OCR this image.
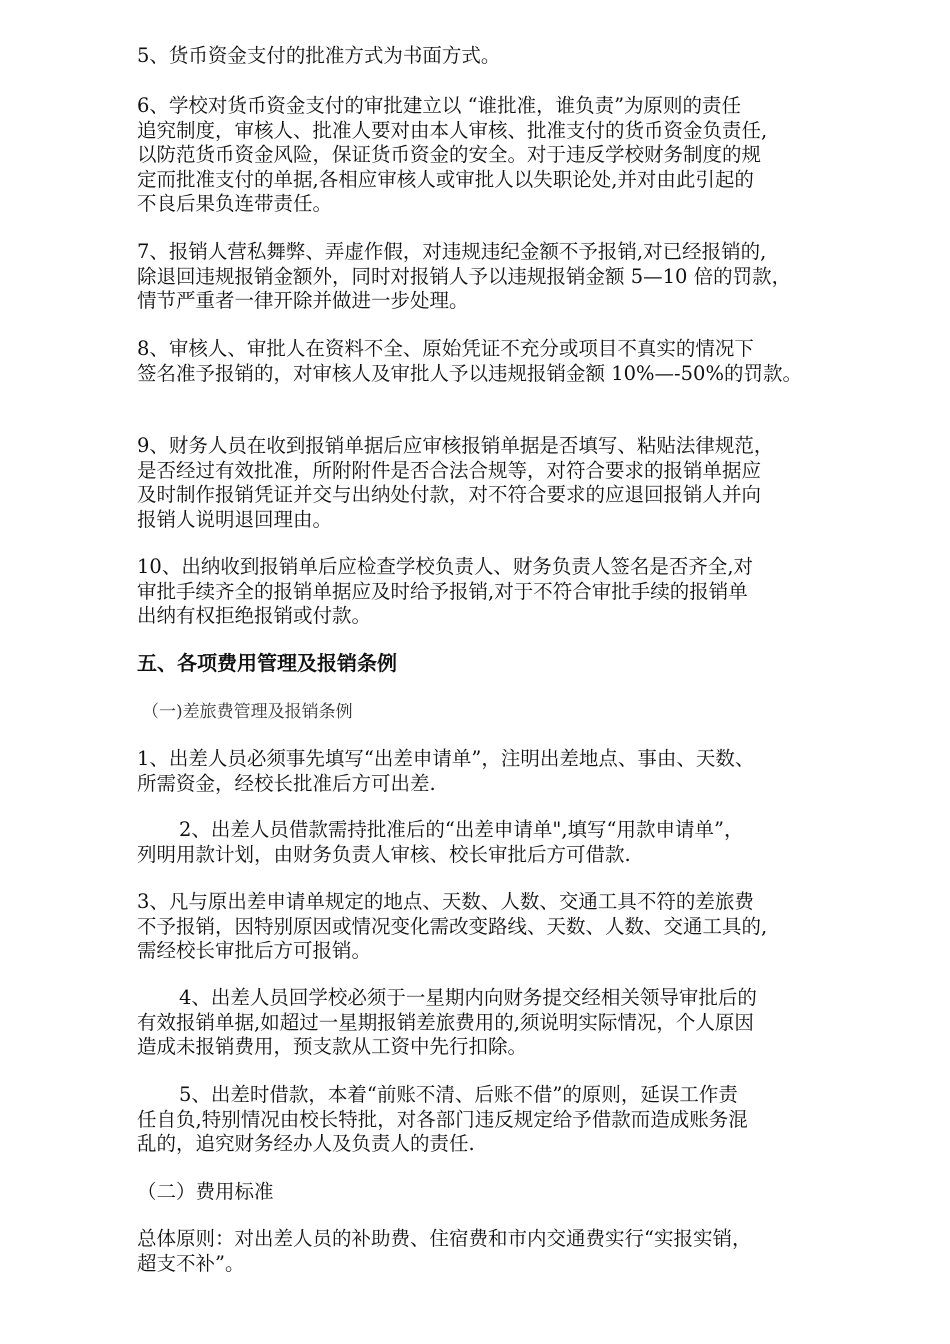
5、货币资金支付的批准方式为书面方式。
6、学校对货币资金支付的审批建立以 “谁批准，谁负责”为原则的责任
追究制度，审核人、批准人要对由本人审核、批准支付的货币资金负责任,
以防范货币资金风险，保证货币资金的安全。对于违反学校财务制度的规
定而批准支付的单据,各相应审核人或审批人以失职论处,并对由此引起的
不良后果负连带责任。
7、报销人营私舞弊、弄虚作假，对违规违纪金额不予报销,对已经报销的,
除退回违规报销金额外，同时对报销人予以违规报销金额 5—10 倍的罚款，
情节严重者一律开除并做进一步处理。
8、审核人、审批人在资料不全、原始凭证不充分或项目不真实的情况下
签名准予报销的，对审核人及审批人予以违规报销金额 10%—-50%的罚款。
9、财务人员在收到报销单据后应审核报销单据是否填写、粘贴法律规范，
是否经过有效批准，所附附件是否合法合规等，对符合要求的报销单据应
及时制作报销凭证并交与出纳处付款，对不符合要求的应退回报销人并向
报销人说明退回理由。
10、出纳收到报销单后应检查学校负责人、财务负责人签名是否齐全,对
审批手续齐全的报销单据应及时给予报销,对于不符合审批手续的报销单
出纳有权拒绝报销或付款。
五、各项费用管理及报销条例
（一)差旅费管理及报销条例
1、出差人员必须事先填写“出差申请单”，注明出差地点、事由、天数、
所需资金，经校长批准后方可出差.
2、出差人员借款需持批准后的“出差申请单",填写“用款申请单”，
列明用款计划，由财务负责人审核、校长审批后方可借款.
3、凡与原出差申请单规定的地点、天数、人数、交通工具不符的差旅费
不予报销，因特别原因或情况变化需改变路线、天数、人数、交通工具的,
需经校长审批后方可报销。
4、出差人员回学校必须于一星期内向财务提交经相关领导审批后的
有效报销单据,如超过一星期报销差旅费用的,须说明实际情况，个人原因
造成未报销费用，预支款从工资中先行扣除。
5、出差时借款，本着“前账不清、后账不借”的原则，延误工作责
任自负,特别情况由校长特批，对各部门违反规定给予借款而造成账务混
乱的，追究财务经办人及负责人的责任.
（二）费用标准
总体原则：对出差人员的补助费、住宿费和市内交通费实行“实报实销，
超支不补”。
